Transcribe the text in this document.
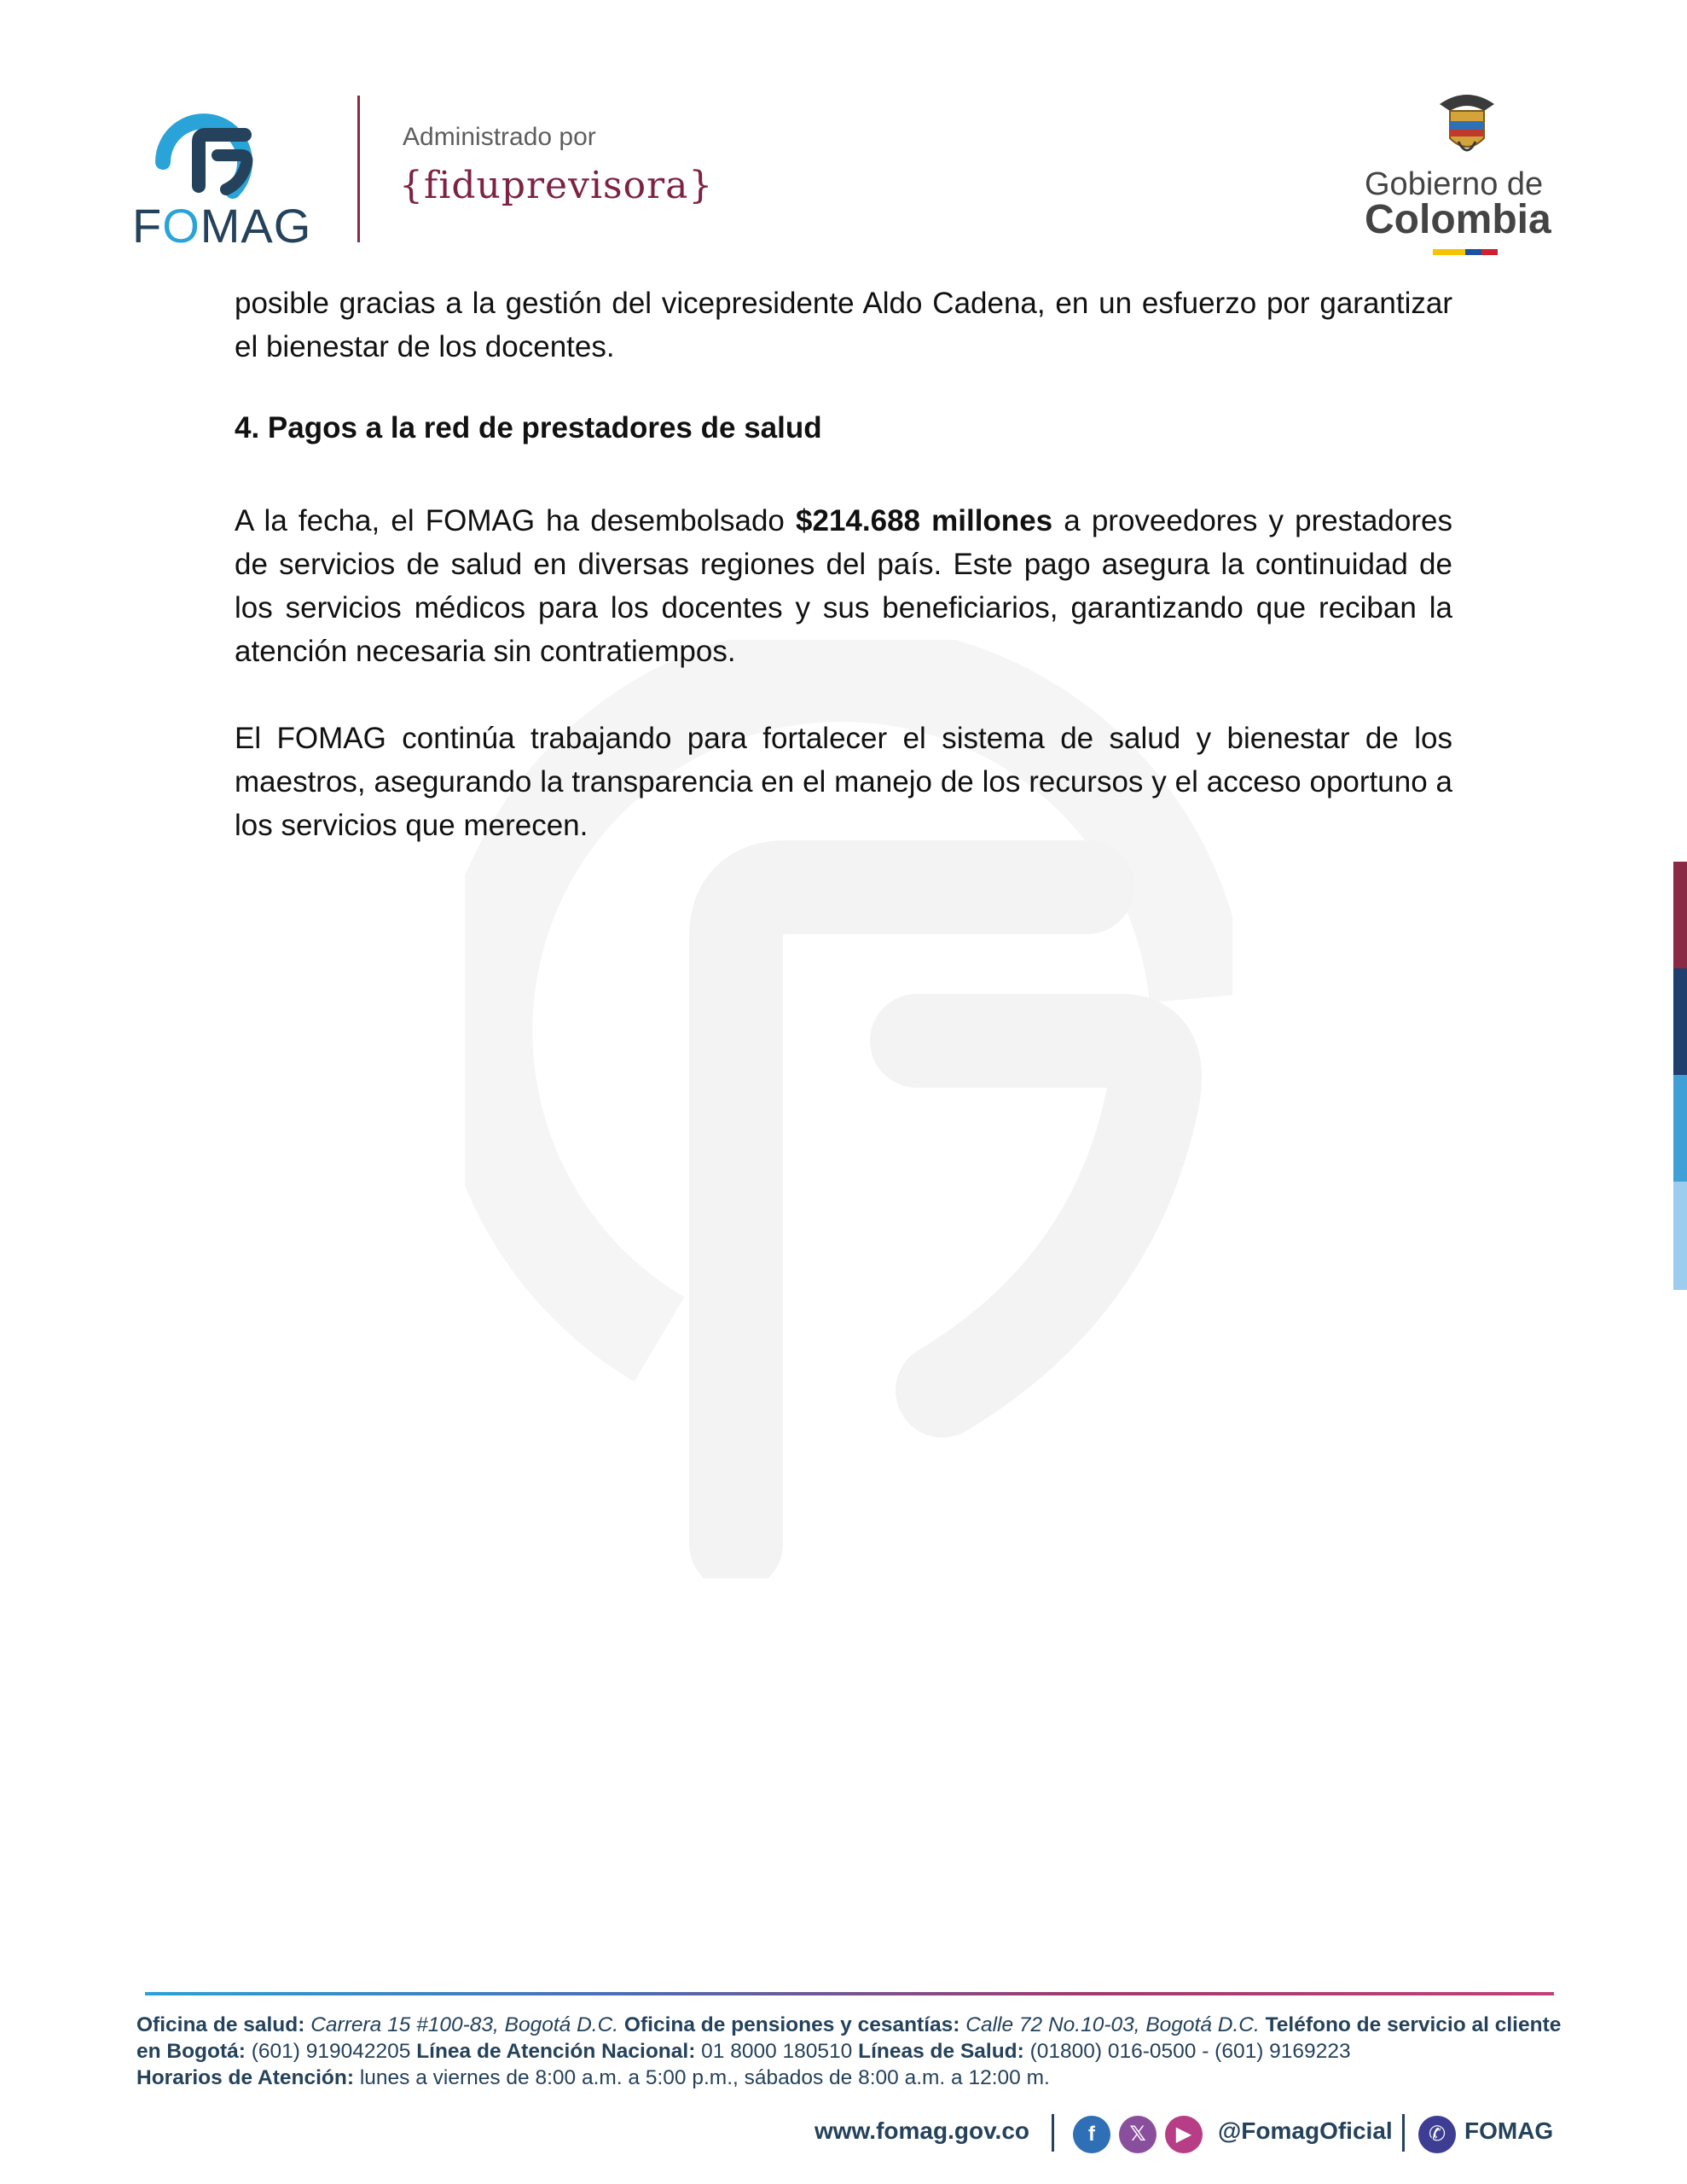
FOMAG
Administrado por
{fiduprevisora}	Gobierno de
Colombia
posible gracias a la gestión del vicepresidente Aldo Cadena, en un esfuerzo por garantizar el bienestar de los docentes.
4. Pagos a la red de prestadores de salud
A la fecha, el FOMAG ha desembolsado $214.688 millones a proveedores y prestadores de servicios de salud en diversas regiones del país. Este pago asegura la continuidad de los servicios médicos para los docentes y sus beneficiarios, garantizando que reciban la atención necesaria sin contratiempos.
El FOMAG continúa trabajando para fortalecer el sistema de salud y bienestar de los maestros, asegurando la transparencia en el manejo de los recursos y el acceso oportuno a los servicios que merecen.
Oficina de salud: Carrera 15 #100-83, Bogotá D.C. Oficina de pensiones y cesantías: Calle 72 No.10-03, Bogotá D.C. Teléfono de servicio al cliente en Bogotá: (601) 919042205 Línea de Atención Nacional: 01 8000 180510 Líneas de Salud: (01800) 016-0500 - (601) 9169223
Horarios de Atención: lunes a viernes de 8:00 a.m. a 5:00 p.m., sábados de 8:00 a.m. a 12:00 m.
www.fomag.gov.co	f	𝕏	▶	@FomagOficial	✆ FOMAG
